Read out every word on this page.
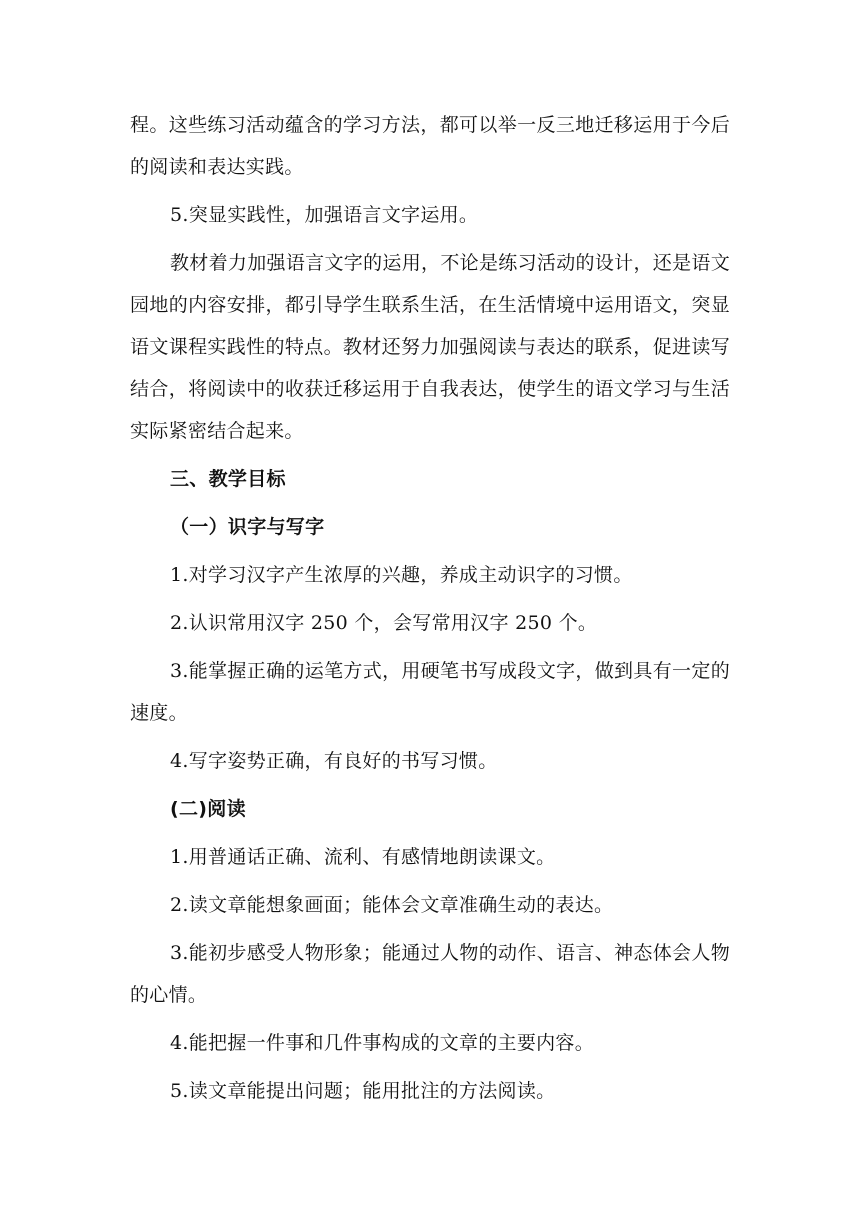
程。这些练习活动蕴含的学习方法，都可以举一反三地迁移运用于今后的阅读和表达实践。

5.突显实践性，加强语言文字运用。

教材着力加强语言文字的运用，不论是练习活动的设计，还是语文园地的内容安排，都引导学生联系生活，在生活情境中运用语文，突显语文课程实践性的特点。教材还努力加强阅读与表达的联系，促进读写结合，将阅读中的收获迁移运用于自我表达，使学生的语文学习与生活实际紧密结合起来。

三、教学目标

（一）识字与写字

1.对学习汉字产生浓厚的兴趣，养成主动识字的习惯。

2.认识常用汉字 250 个，会写常用汉字 250 个。

3.能掌握正确的运笔方式，用硬笔书写成段文字，做到具有一定的速度。

4.写字姿势正确，有良好的书写习惯。

(二)阅读

1.用普通话正确、流利、有感情地朗读课文。

2.读文章能想象画面；能体会文章准确生动的表达。

3.能初步感受人物形象；能通过人物的动作、语言、神态体会人物的心情。

4.能把握一件事和几件事构成的文章的主要内容。

5.读文章能提出问题；能用批注的方法阅读。
